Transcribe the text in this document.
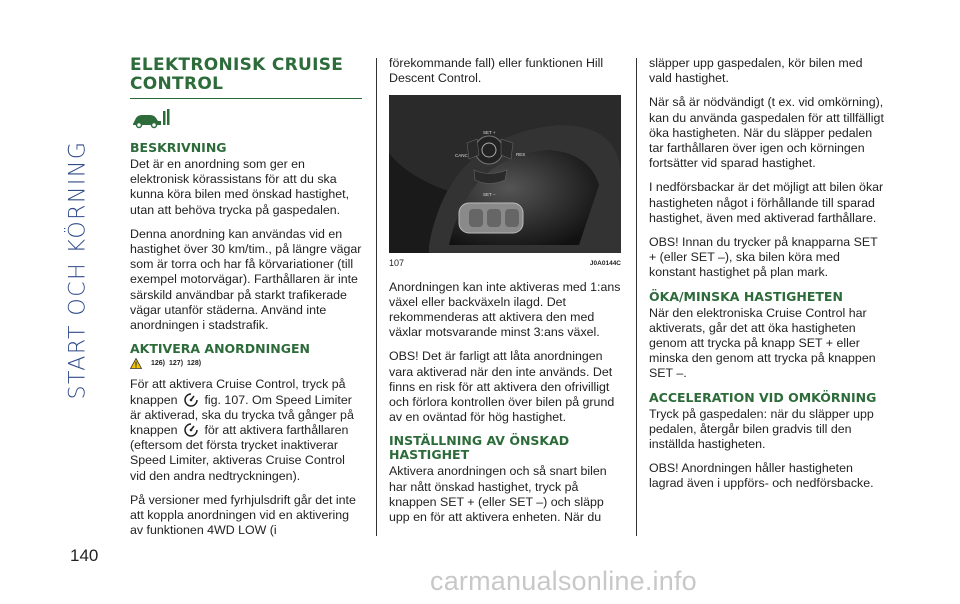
START OCH KÖRNING
140
ELEKTRONISK CRUISE CONTROL
BESKRIVNING

Det är en anordning som ger en elektronisk körassistans för att du ska kunna köra bilen med önskad hastighet, utan att behöva trycka på gaspedalen.

Denna anordning kan användas vid en hastighet över 30 km/tim., på längre vägar som är torra och har få körvariationer (till exempel motorvägar). Farthållaren är inte särskild användbar på starkt trafikerade vägar utanför städerna. Använd inte anordningen i stadstrafik.

AKTIVERA ANORDNINGEN
126) 127) 128)

För att aktivera Cruise Control, tryck på knappen fig. 107. Om Speed Limiter är aktiverad, ska du trycka två gånger på knappen för att aktivera farthållaren (eftersom det första trycket inaktiverar Speed Limiter, aktiveras Cruise Control vid den andra nedtryckningen).

På versioner med fyrhjulsdrift går det inte att koppla anordningen vid en aktivering av funktionen 4WD LOW (i

förekommande fall) eller funktionen Hill Descent Control.

SET +
CANC	RES
SET –
107	J0A0144C

Anordningen kan inte aktiveras med 1:ans växel eller backväxeln ilagd. Det rekommenderas att aktivera den med växlar motsvarande minst 3:ans växel.

OBS! Det är farligt att låta anordningen vara aktiverad när den inte används. Det finns en risk för att aktivera den ofrivilligt och förlora kontrollen över bilen på grund av en oväntad för hög hastighet.

INSTÄLLNING AV ÖNSKAD HASTIGHET

Aktivera anordningen och så snart bilen har nått önskad hastighet, tryck på knappen SET + (eller SET –) och släpp upp en för att aktivera enheten. När du

släpper upp gaspedalen, kör bilen med vald hastighet.

När så är nödvändigt (t ex. vid omkörning), kan du använda gaspedalen för att tillfälligt öka hastigheten. När du släpper pedalen tar farthållaren över igen och körningen fortsätter vid sparad hastighet.

I nedförsbackar är det möjligt att bilen ökar hastigheten något i förhållande till sparad hastighet, även med aktiverad farthållare.

OBS! Innan du trycker på knapparna SET + (eller SET –), ska bilen köra med konstant hastighet på plan mark.

ÖKA/MINSKA HASTIGHETEN

När den elektroniska Cruise Control har aktiverats, går det att öka hastigheten genom att trycka på knapp SET + eller minska den genom att trycka på knappen SET –.

ACCELERATION VID OMKÖRNING

Tryck på gaspedalen: när du släpper upp pedalen, återgår bilen gradvis till den inställda hastigheten.

OBS! Anordningen håller hastigheten lagrad även i uppförs- och nedförsbacke.

carmanualsonline.info
